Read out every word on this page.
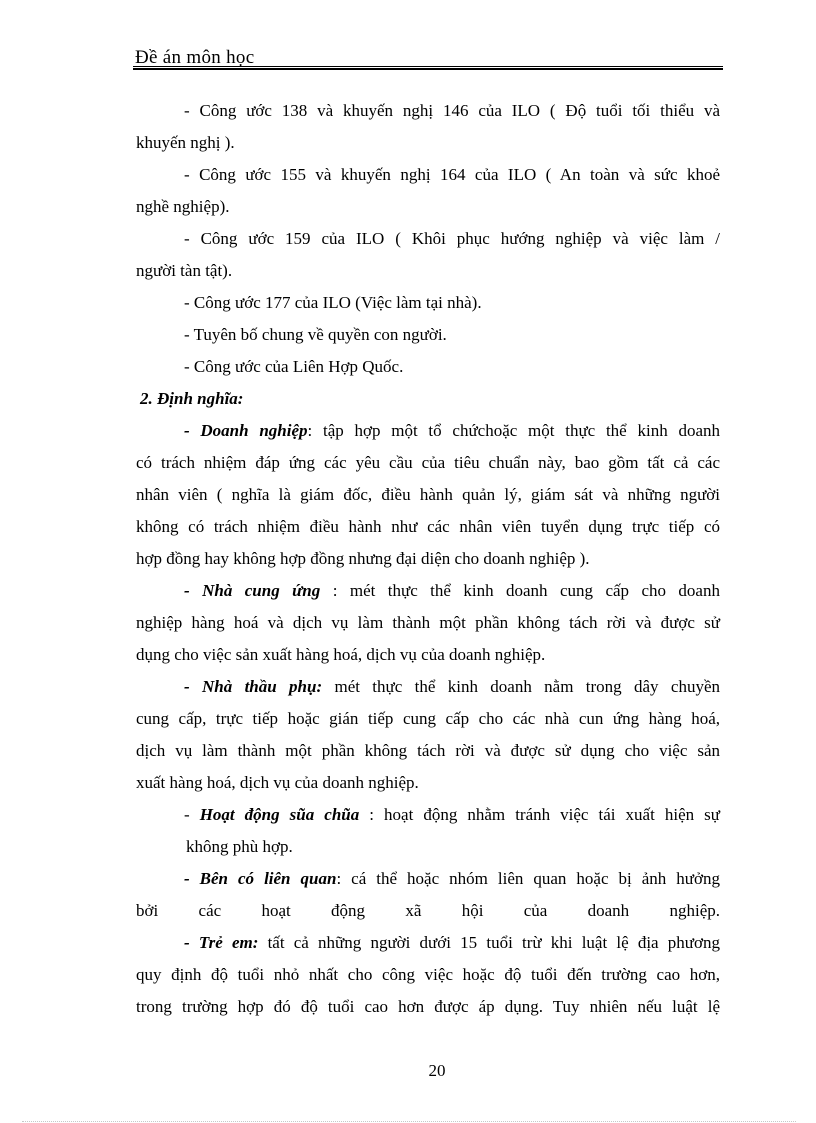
Đề án môn học
- Công ước 138 và khuyến nghị 146 của ILO ( Độ tuổi tối thiểu và
khuyến nghị ).
- Công ước 155 và khuyến nghị 164 của ILO ( An toàn và sức khoẻ
nghề nghiệp).
- Công ước 159 của ILO ( Khôi phục hướng nghiệp và việc làm /
người tàn tật).
- Công ước 177 của ILO (Việc làm tại nhà).
- Tuyên bố chung về quyền con người.
- Công ước của Liên Hợp Quốc.
2. Định nghĩa:
- Doanh nghiệp: tập hợp một tổ chứchoặc một thực thể kinh doanh
có trách nhiệm đáp ứng các yêu cầu của tiêu chuẩn này, bao gồm tất cả các
nhân viên ( nghĩa là giám đốc, điều hành quản lý, giám sát và những người
không có trách nhiệm điều hành như các nhân viên tuyển dụng trực tiếp có
hợp đồng hay không hợp đồng nhưng đại diện cho doanh nghiệp ).
- Nhà cung ứng : mét thực thể kinh doanh cung cấp cho doanh
nghiệp hàng hoá và dịch vụ làm thành một phần không tách rời và được sử
dụng cho việc sản xuất hàng hoá, dịch vụ của doanh nghiệp.
- Nhà thầu phụ: mét thực thể kinh doanh nằm trong dây chuyền
cung cấp, trực tiếp hoặc gián tiếp cung cấp cho các nhà cun ứng hàng hoá,
dịch vụ làm thành một phần không tách rời và được sử dụng cho việc sản
xuất hàng hoá, dịch vụ của doanh nghiệp.
- Hoạt động sũa chũa : hoạt động nhằm tránh việc tái xuất hiện sự
không phù hợp.
- Bên có liên quan: cá thể hoặc nhóm liên quan hoặc bị ảnh hưởng
bởi các hoạt động xã hội của doanh nghiệp.
- Trẻ em: tất cả những người dưới 15 tuổi trừ khi luật lệ địa phương
quy định độ tuổi nhỏ nhất cho công việc hoặc độ tuổi đến trường cao hơn,
trong trường hợp đó độ tuổi cao hơn được áp dụng. Tuy nhiên nếu luật lệ
20
